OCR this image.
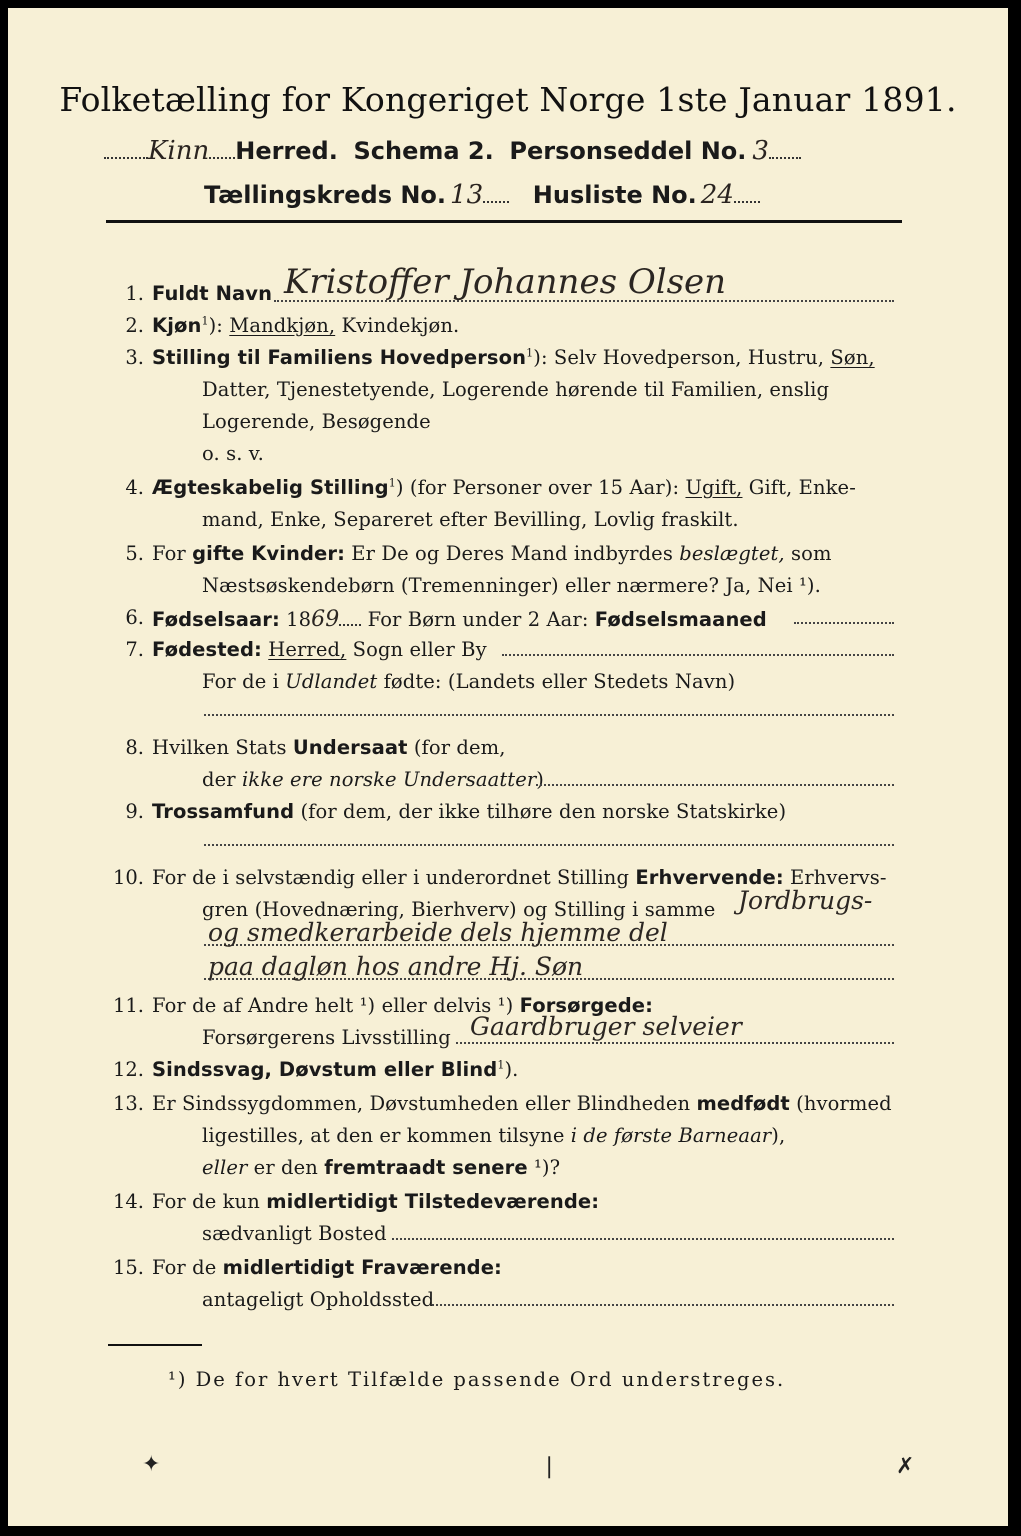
Folketælling for Kongeriget Norge 1ste Januar 1891.
Kinn Herred. Schema 2. Personseddel No. 3
Tællingskreds No. 13 Husliste No. 24
1. Fuldt Navn Kristoffer Johannes Olsen
2. Kjøn$^1$): Mandkjøn, Kvindekjøn.
3. Stilling til Familiens Hovedperson$^1$): Selv Hovedperson, Hustru, Søn,
Datter, Tjenestetyende, Logerende hørende til Familien, enslig
Logerende, Besøgende
o. s. v.
4. Ægteskabelig Stilling$^1$) (for Personer over 15 Aar): Ugift, Gift, Enke-
mand, Enke, Separeret efter Bevilling, Lovlig fraskilt.
5. For gifte Kvinder: Er De og Deres Mand indbyrdes beslægtet, som
Næstsøskendebørn (Tremenninger) eller nærmere? Ja, Nei ¹).
6. Fødselsaar: 1869 For Børn under 2 Aar: Fødselsmaaned
7. Fødested: Herred, Sogn eller By
For de i Udlandet fødte: (Landets eller Stedets Navn)
8. Hvilken Stats Undersaat (for dem,
der ikke ere norske Undersaatter)
9. Trossamfund (for dem, der ikke tilhøre den norske Statskirke)
10. For de i selvstændig eller i underordnet Stilling Erhvervende: Erhvervs-
gren (Hovednæring, Bierhverv) og Stilling i samme Jordbrugs-
og smedkerarbeide dels hjemme del
paa dagløn hos andre Hj. Søn
11. For de af Andre helt ¹) eller delvis ¹) Forsørgede:
Forsørgerens Livsstilling Gaardbruger selveier
12. Sindssvag, Døvstum eller Blind$^1$).
13. Er Sindssygdommen, Døvstumheden eller Blindheden medfødt (hvormed
ligestilles, at den er kommen tilsyne i de første Barneaar),
eller er den fremtraadt senere ¹)?
14. For de kun midlertidigt Tilstedeværende:
sædvanligt Bosted
15. For de midlertidigt Fraværende:
antageligt Opholdssted
¹) De for hvert Tilfælde passende Ord understreges.
✦	❘	✗
